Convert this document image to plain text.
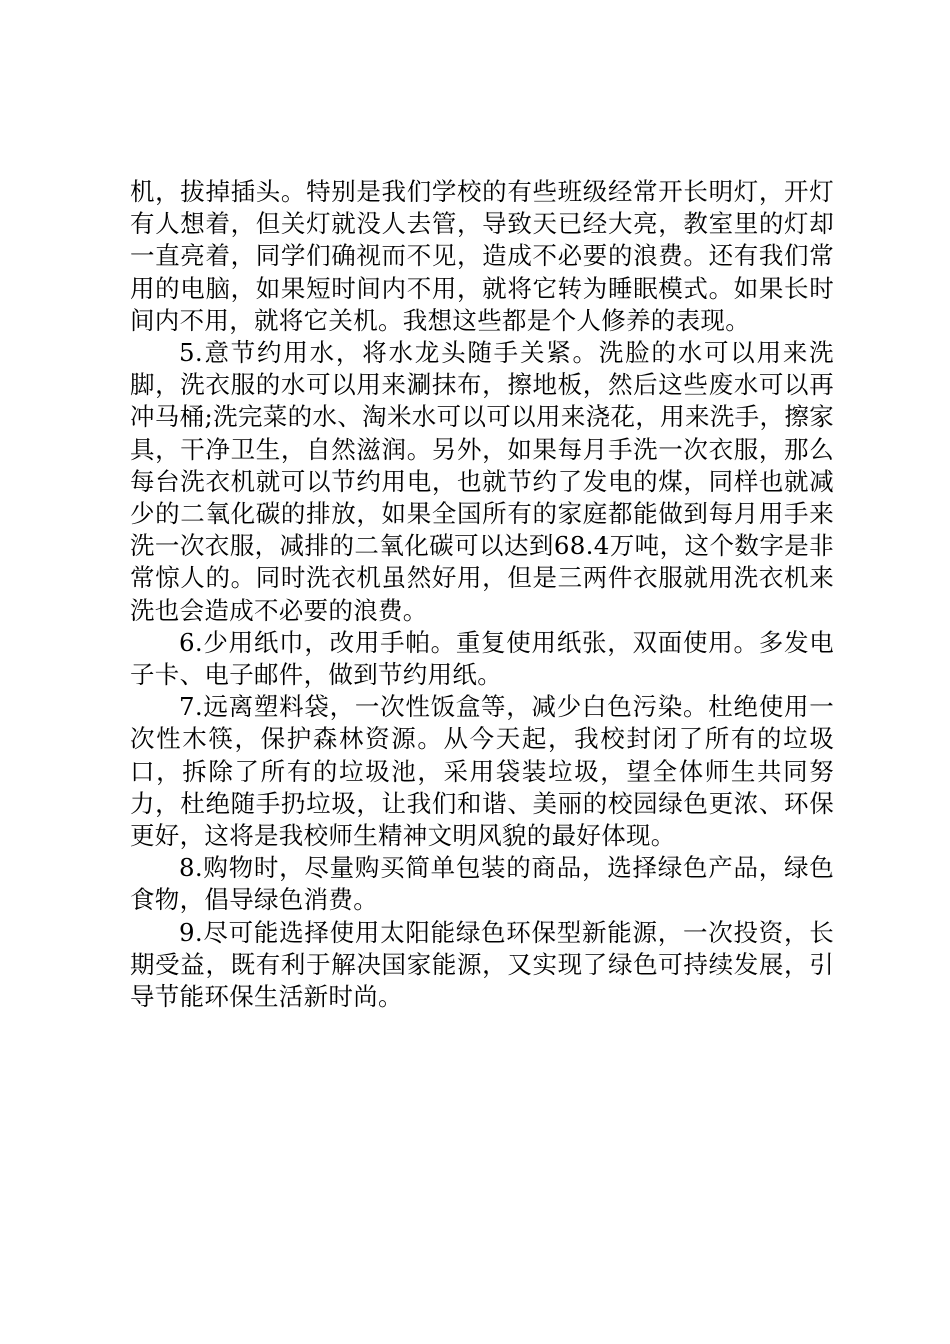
机，拔掉插头。特别是我们学校的有些班级经常开长明灯，开灯有人想着，但关灯就没人去管，导致天已经大亮，教室里的灯却一直亮着，同学们确视而不见，造成不必要的浪费。还有我们常用的电脑，如果短时间内不用，就将它转为睡眠模式。如果长时间内不用，就将它关机。我想这些都是个人修养的表现。

5.意节约用水，将水龙头随手关紧。洗脸的水可以用来洗脚，洗衣服的水可以用来涮抹布，擦地板，然后这些废水可以再冲马桶;洗完菜的水、淘米水可以可以用来浇花，用来洗手，擦家具，干净卫生，自然滋润。另外，如果每月手洗一次衣服，那么每台洗衣机就可以节约用电，也就节约了发电的煤，同样也就减少的二氧化碳的排放，如果全国所有的家庭都能做到每月用手来洗一次衣服，减排的二氧化碳可以达到68.4万吨，这个数字是非常惊人的。同时洗衣机虽然好用，但是三两件衣服就用洗衣机来洗也会造成不必要的浪费。

6.少用纸巾，改用手帕。重复使用纸张，双面使用。多发电子卡、电子邮件，做到节约用纸。

7.远离塑料袋，一次性饭盒等，减少白色污染。杜绝使用一次性木筷，保护森林资源。从今天起，我校封闭了所有的垃圾口，拆除了所有的垃圾池，采用袋装垃圾，望全体师生共同努力，杜绝随手扔垃圾，让我们和谐、美丽的校园绿色更浓、环保更好，这将是我校师生精神文明风貌的最好体现。

8.购物时，尽量购买简单包装的商品，选择绿色产品，绿色食物，倡导绿色消费。

9.尽可能选择使用太阳能绿色环保型新能源，一次投资，长期受益，既有利于解决国家能源，又实现了绿色可持续发展，引导节能环保生活新时尚。
